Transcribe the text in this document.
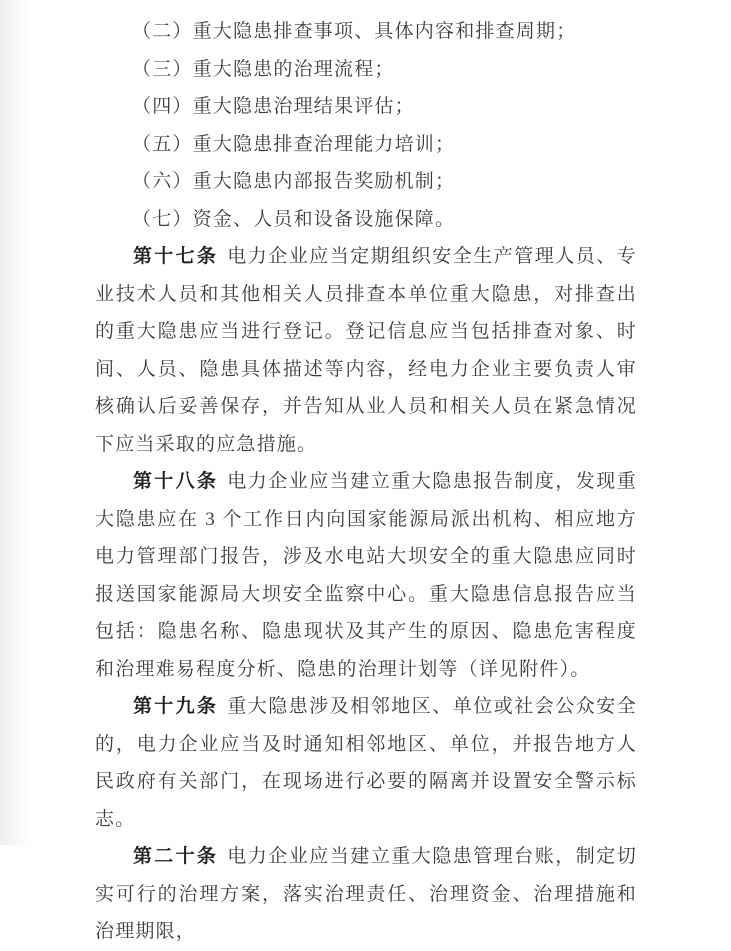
（二）重大隐患排查事项、具体内容和排查周期；

（三）重大隐患的治理流程；

（四）重大隐患治理结果评估；

（五）重大隐患排查治理能力培训；

（六）重大隐患内部报告奖励机制；

（七）资金、人员和设备设施保障。

第十七条 电力企业应当定期组织安全生产管理人员、专业技术人员和其他相关人员排查本单位重大隐患，对排查出的重大隐患应当进行登记。登记信息应当包括排查对象、时间、人员、隐患具体描述等内容，经电力企业主要负责人审核确认后妥善保存，并告知从业人员和相关人员在紧急情况下应当采取的应急措施。

第十八条 电力企业应当建立重大隐患报告制度，发现重大隐患应在 3 个工作日内向国家能源局派出机构、相应地方电力管理部门报告，涉及水电站大坝安全的重大隐患应同时报送国家能源局大坝安全监察中心。重大隐患信息报告应当包括：隐患名称、隐患现状及其产生的原因、隐患危害程度和治理难易程度分析、隐患的治理计划等（详见附件）。

第十九条 重大隐患涉及相邻地区、单位或社会公众安全的，电力企业应当及时通知相邻地区、单位，并报告地方人民政府有关部门，在现场进行必要的隔离并设置安全警示标志。

第二十条 电力企业应当建立重大隐患管理台账，制定切实可行的治理方案，落实治理责任、治理资金、治理措施和治理期限，
